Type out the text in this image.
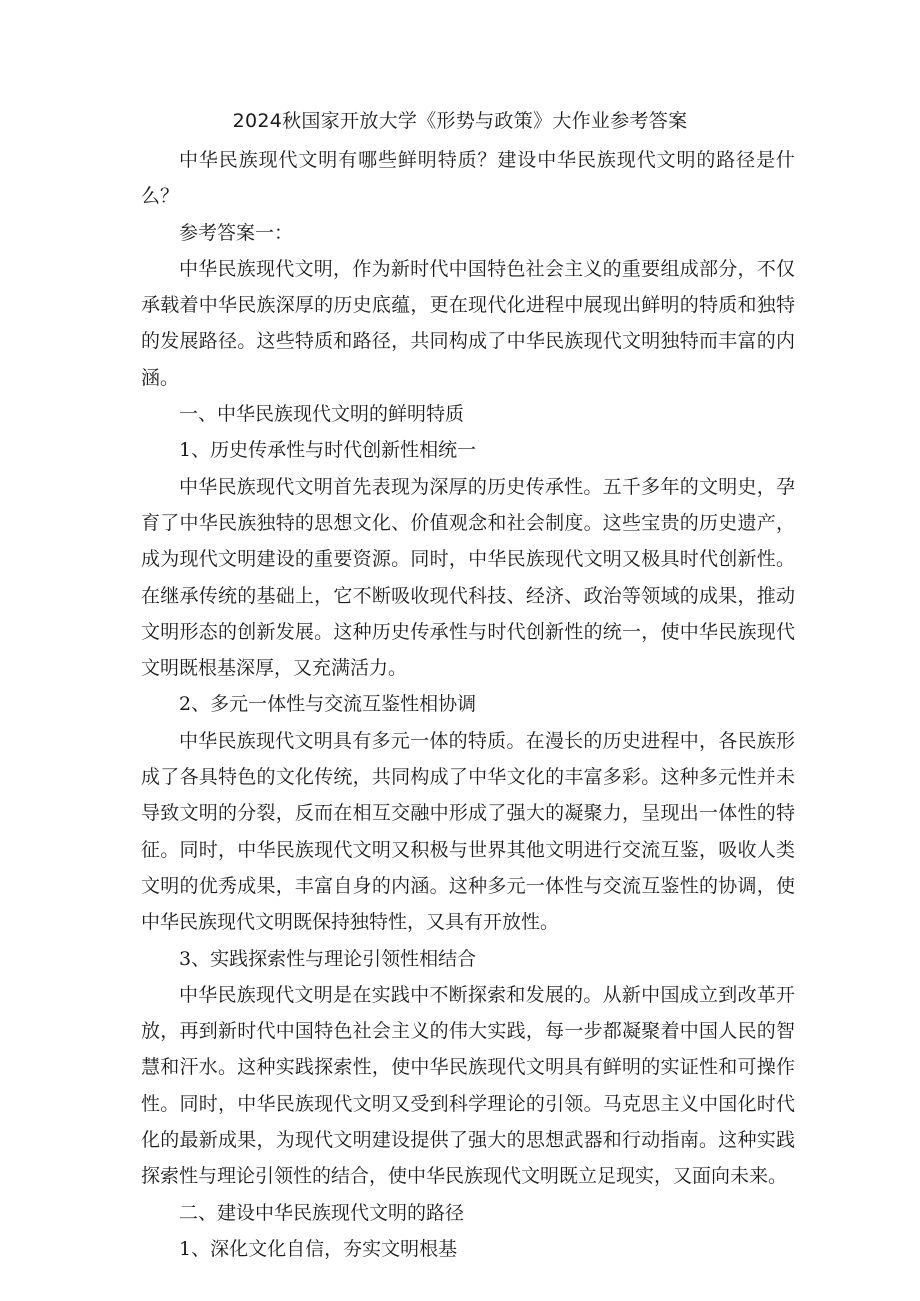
2024秋国家开放大学《形势与政策》大作业参考答案

中华民族现代文明有哪些鲜明特质？建设中华民族现代文明的路径是什么？

参考答案一：

中华民族现代文明，作为新时代中国特色社会主义的重要组成部分，不仅承载着中华民族深厚的历史底蕴，更在现代化进程中展现出鲜明的特质和独特的发展路径。这些特质和路径，共同构成了中华民族现代文明独特而丰富的内涵。

一、中华民族现代文明的鲜明特质

1、历史传承性与时代创新性相统一

中华民族现代文明首先表现为深厚的历史传承性。五千多年的文明史，孕育了中华民族独特的思想文化、价值观念和社会制度。这些宝贵的历史遗产，成为现代文明建设的重要资源。同时，中华民族现代文明又极具时代创新性。在继承传统的基础上，它不断吸收现代科技、经济、政治等领域的成果，推动文明形态的创新发展。这种历史传承性与时代创新性的统一，使中华民族现代文明既根基深厚，又充满活力。

2、多元一体性与交流互鉴性相协调

中华民族现代文明具有多元一体的特质。在漫长的历史进程中，各民族形成了各具特色的文化传统，共同构成了中华文化的丰富多彩。这种多元性并未导致文明的分裂，反而在相互交融中形成了强大的凝聚力，呈现出一体性的特征。同时，中华民族现代文明又积极与世界其他文明进行交流互鉴，吸收人类文明的优秀成果，丰富自身的内涵。这种多元一体性与交流互鉴性的协调，使中华民族现代文明既保持独特性，又具有开放性。

3、实践探索性与理论引领性相结合

中华民族现代文明是在实践中不断探索和发展的。从新中国成立到改革开放，再到新时代中国特色社会主义的伟大实践，每一步都凝聚着中国人民的智慧和汗水。这种实践探索性，使中华民族现代文明具有鲜明的实证性和可操作性。同时，中华民族现代文明又受到科学理论的引领。马克思主义中国化时代化的最新成果，为现代文明建设提供了强大的思想武器和行动指南。这种实践探索性与理论引领性的结合，使中华民族现代文明既立足现实，又面向未来。

二、建设中华民族现代文明的路径

1、深化文化自信，夯实文明根基
